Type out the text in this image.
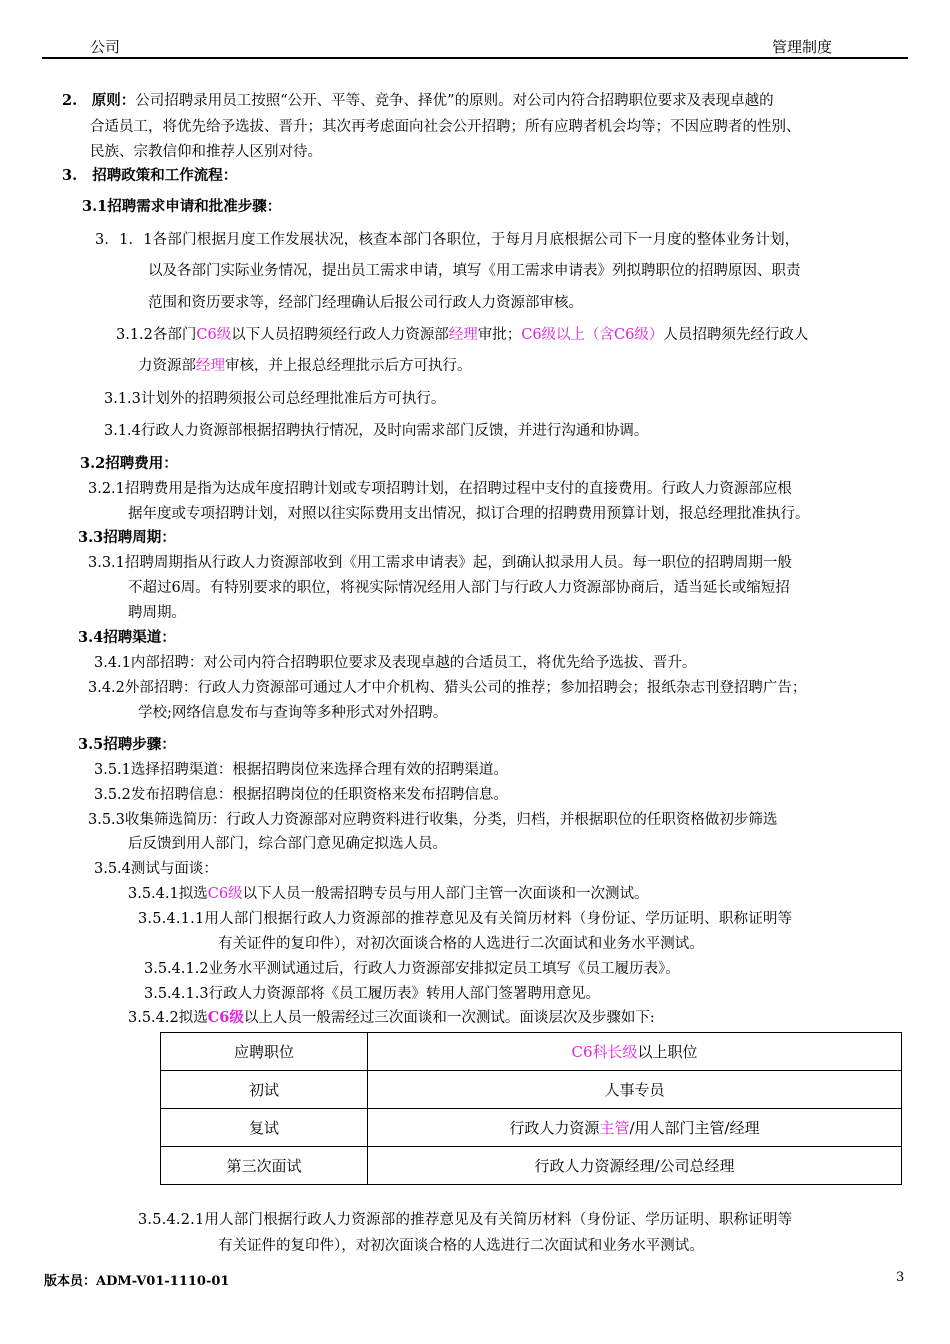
公司	管理制度
2. 原则：公司招聘录用员工按照“公开、平等、竞争、择优”的原则。对公司内符合招聘职位要求及表现卓越的
合适员工，将优先给予选拔、晋升；其次再考虑面向社会公开招聘；所有应聘者机会均等；不因应聘者的性别、
民族、宗教信仰和推荐人区别对待。
3. 招聘政策和工作流程：
3.1招聘需求申请和批准步骤：
3．1．1各部门根据月度工作发展状况，核查本部门各职位，于每月月底根据公司下一月度的整体业务计划，
以及各部门实际业务情况，提出员工需求申请，填写《用工需求申请表》列拟聘职位的招聘原因、职责
范围和资历要求等，经部门经理确认后报公司行政人力资源部审核。
3.1.2各部门C6级以下人员招聘须经行政人力资源部经理审批；C6级以上（含C6级）人员招聘须先经行政人
力资源部经理审核，并上报总经理批示后方可执行。
3.1.3计划外的招聘须报公司总经理批准后方可执行。
3.1.4行政人力资源部根据招聘执行情况，及时向需求部门反馈，并进行沟通和协调。
3.2招聘费用：
3.2.1招聘费用是指为达成年度招聘计划或专项招聘计划，在招聘过程中支付的直接费用。行政人力资源部应根
据年度或专项招聘计划，对照以往实际费用支出情况，拟订合理的招聘费用预算计划，报总经理批准执行。
3.3招聘周期：
3.3.1招聘周期指从行政人力资源部收到《用工需求申请表》起，到确认拟录用人员。每一职位的招聘周期一般
不超过6周。有特别要求的职位，将视实际情况经用人部门与行政人力资源部协商后，适当延长或缩短招
聘周期。
3.4招聘渠道：
3.4.1内部招聘：对公司内符合招聘职位要求及表现卓越的合适员工，将优先给予选拔、晋升。
3.4.2外部招聘：行政人力资源部可通过人才中介机构、猎头公司的推荐；参加招聘会；报纸杂志刊登招聘广告；
学校;网络信息发布与查询等多种形式对外招聘。
3.5招聘步骤：
3.5.1选择招聘渠道：根据招聘岗位来选择合理有效的招聘渠道。
3.5.2发布招聘信息：根据招聘岗位的任职资格来发布招聘信息。
3.5.3收集筛选简历：行政人力资源部对应聘资料进行收集，分类，归档，并根据职位的任职资格做初步筛选
后反馈到用人部门，综合部门意见确定拟选人员。
3.5.4测试与面谈：
3.5.4.1拟选C6级以下人员一般需招聘专员与用人部门主管一次面谈和一次测试。
3.5.4.1.1用人部门根据行政人力资源部的推荐意见及有关简历材料（身份证、学历证明、职称证明等
有关证件的复印件），对初次面谈合格的人选进行二次面试和业务水平测试。
3.5.4.1.2业务水平测试通过后，行政人力资源部安排拟定员工填写《员工履历表》。
3.5.4.1.3行政人力资源部将《员工履历表》转用人部门签署聘用意见。
3.5.4.2拟选C6级以上人员一般需经过三次面谈和一次测试。面谈层次及步骤如下:
应聘职位	C6科长级以上职位
初试	人事专员
复试	行政人力资源主管/用人部门主管/经理
第三次面试	行政人力资源经理/公司总经理
3.5.4.2.1用人部门根据行政人力资源部的推荐意见及有关简历材料（身份证、学历证明、职称证明等
有关证件的复印件），对初次面谈合格的人选进行二次面试和业务水平测试。
版本员：ADM-V01-1110-01	3
